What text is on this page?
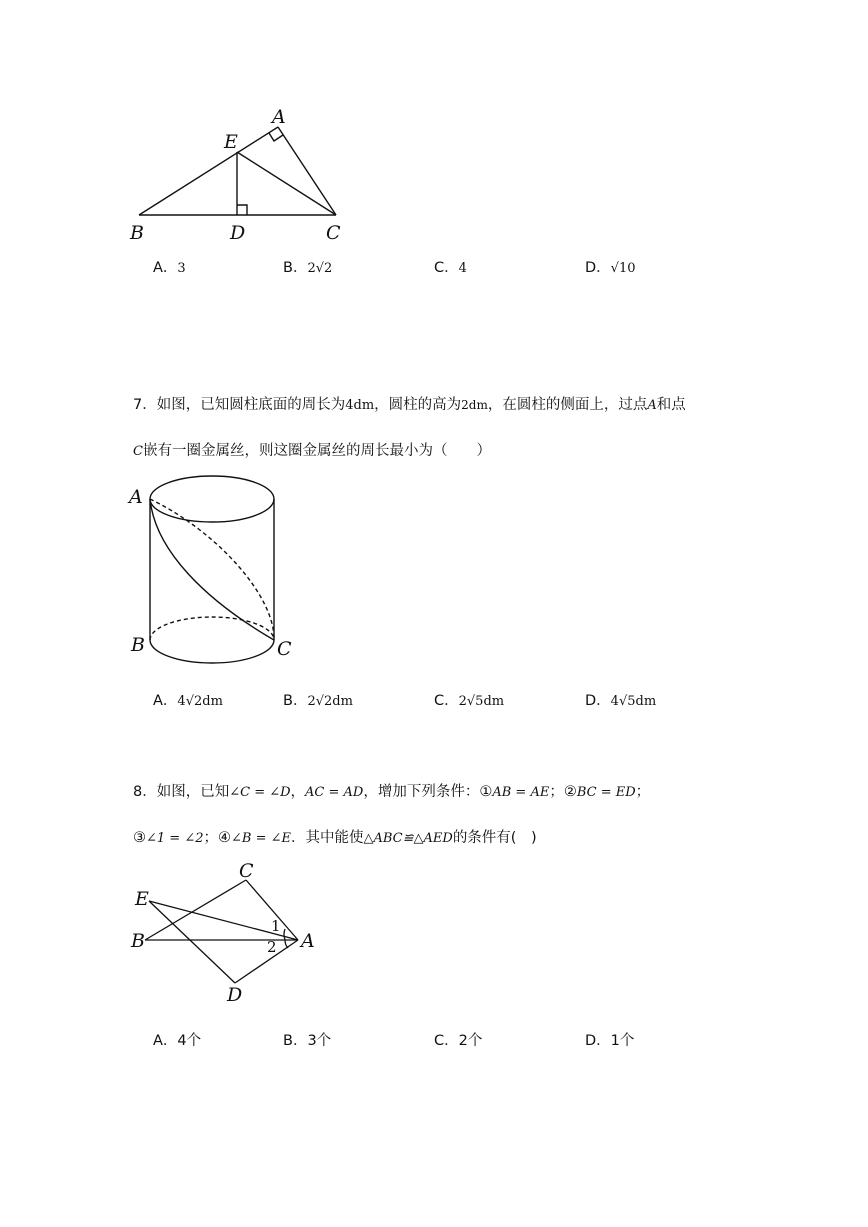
A
E
B	D	C
A．3	B．2√2	C．4	D．√10
7．如图，已知圆柱底面的周长为4dm，圆柱的高为2dm，在圆柱的侧面上，过点A和点
C嵌有一圈金属丝，则这圈金属丝的周长最小为（　　）
A
B	C
A．4√2dm	B．2√2dm	C．2√5dm	D．4√5dm
8．如图，已知∠C = ∠D，AC = AD，增加下列条件：①AB = AE；②BC = ED；
③∠1 = ∠2；④∠B = ∠E．其中能使△ABC≌△AED的条件有(　)
C
E
B	A
D
1
2
A．4个	B．3个	C．2个	D．1个
